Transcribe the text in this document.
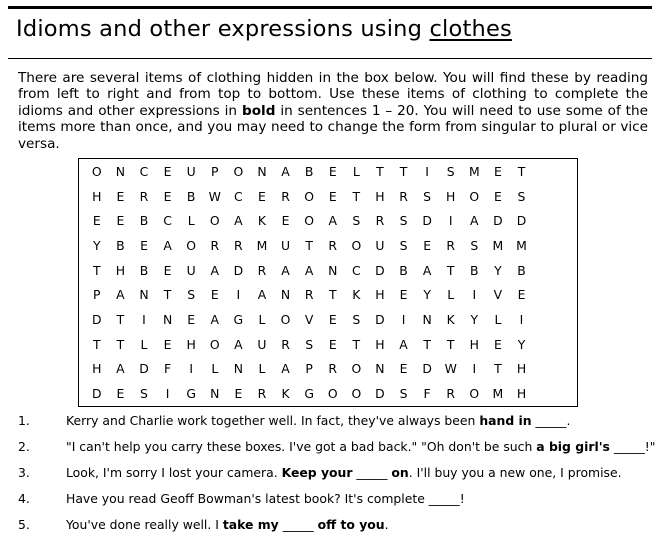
Idioms and other expressions using clothes
There are several items of clothing hidden in the box below. You will find these by reading from left to right and from top to bottom. Use these items of clothing to complete the idioms and other expressions in bold in sentences 1 – 20. You will need to use some of the items more than once, and you may need to change the form from singular to plural or vice versa.
O	N	C	E	U	P	O	N	A	B	E	L	T	T	I	S	M	E	T
H	E	R	E	B	W	C	E	R	O	E	T	H	R	S	H	O	E	S
E	E	B	C	L	O	A	K	E	O	A	S	R	S	D	I	A	D	D
Y	B	E	A	O	R	R	M	U	T	R	O	U	S	E	R	S	M	M
T	H	B	E	U	A	D	R	A	A	N	C	D	B	A	T	B	Y	B
P	A	N	T	S	E	I	A	N	R	T	K	H	E	Y	L	I	V	E
D	T	I	N	E	A	G	L	O	V	E	S	D	I	N	K	Y	L	I
T	T	L	E	H	O	A	U	R	S	E	T	H	A	T	T	H	E	Y
H	A	D	F	I	L	N	L	A	P	R	O	N	E	D	W	I	T	H
D	E	S	I	G	N	E	R	K	G	O	O	D	S	F	R	O	M	H
1.	Kerry and Charlie work together well. In fact, they've always been hand in _____.
2.	"I can't help you carry these boxes. I've got a bad back." "Oh don't be such a big girl's _____!"
3.	Look, I'm sorry I lost your camera. Keep your _____ on. I'll buy you a new one, I promise.
4.	Have you read Geoff Bowman's latest book? It's complete _____!
5.	You've done really well. I take my _____ off to you.
